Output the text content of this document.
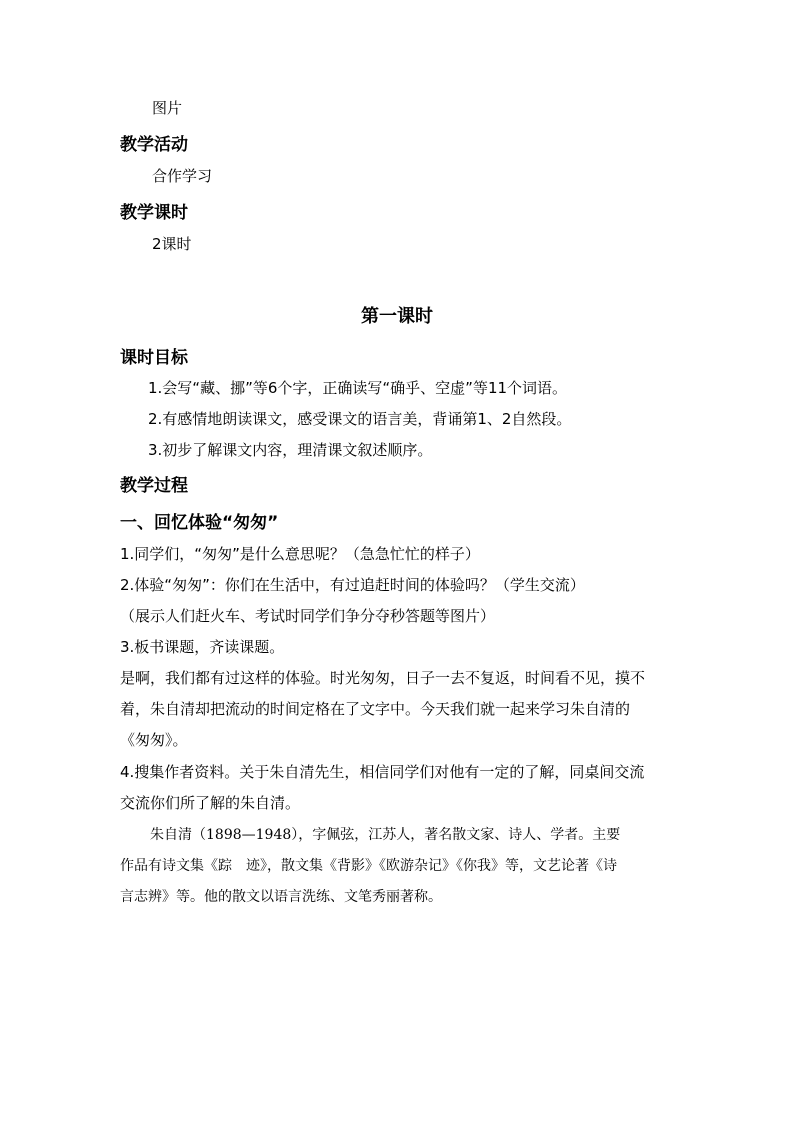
图片
教学活动
合作学习
教学课时
2课时
第一课时
课时目标
1.会写“藏、挪”等6个字，正确读写“确乎、空虚”等11个词语。
2.有感情地朗读课文，感受课文的语言美，背诵第1、2自然段。
3.初步了解课文内容，理清课文叙述顺序。
教学过程
一、回忆体验“匆匆”
1.同学们，“匆匆”是什么意思呢？（急急忙忙的样子）
2.体验“匆匆”：你们在生活中，有过追赶时间的体验吗？（学生交流）
（展示人们赶火车、考试时同学们争分夺秒答题等图片）
3.板书课题，齐读课题。
是啊，我们都有过这样的体验。时光匆匆，日子一去不复返，时间看不见，摸不
着，朱自清却把流动的时间定格在了文字中。今天我们就一起来学习朱自清的
《匆匆》。
4.搜集作者资料。关于朱自清先生，相信同学们对他有一定的了解，同桌间交流
交流你们所了解的朱自清。
朱自清（1898—1948），字佩弦，江苏人，著名散文家、诗人、学者。主要
作品有诗文集《踪　迹》，散文集《背影》《欧游杂记》《你我》等，文艺论著《诗
言志辨》等。他的散文以语言洗练、文笔秀丽著称。
